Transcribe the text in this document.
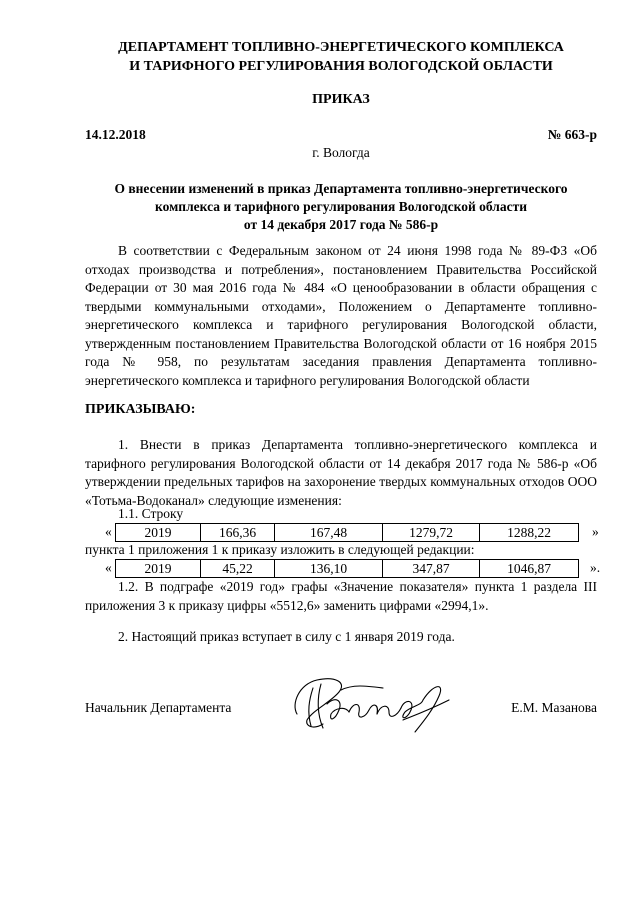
ДЕПАРТАМЕНТ ТОПЛИВНО-ЭНЕРГЕТИЧЕСКОГО КОМПЛЕКСА
И ТАРИФНОГО РЕГУЛИРОВАНИЯ ВОЛОГОДСКОЙ ОБЛАСТИ
ПРИКАЗ
14.12.2018	№ 663-р
г. Вологда
О внесении изменений в приказ Департамента топливно-энергетического
комплекса и тарифного регулирования Вологодской области
от 14 декабря 2017 года № 586-р
В соответствии с Федеральным законом от 24 июня 1998 года № 89-ФЗ «Об отходах производства и потребления», постановлением Правительства Российской Федерации от 30 мая 2016 года № 484 «О ценообразовании в области обращения с твердыми коммунальными отходами», Положением о Департаменте топливно-энергетического комплекса и тарифного регулирования Вологодской области, утвержденным постановлением Правительства Вологодской области от 16 ноября 2015 года № 958, по результатам заседания правления Департамента топливно-энергетического комплекса и тарифного регулирования Вологодской области
ПРИКАЗЫВАЮ:
1. Внести в приказ Департамента топливно-энергетического комплекса и тарифного регулирования Вологодской области от 14 декабря 2017 года № 586-р «Об утверждении предельных тарифов на захоронение твердых коммунальных отходов ООО «Тотьма-Водоканал» следующие изменения:
1.1. Строку
« 2019	166,36	167,48	1279,72	1288,22	»
пункта 1 приложения 1 к приказу изложить в следующей редакции:
« 2019	45,22	136,10	347,87	1046,87	».
1.2. В подграфе «2019 год» графы «Значение показателя» пункта 1 раздела III приложения 3 к приказу цифры «5512,6» заменить цифрами «2994,1».
2. Настоящий приказ вступает в силу с 1 января 2019 года.
Начальник Департамента	Е.М. Мазанова
